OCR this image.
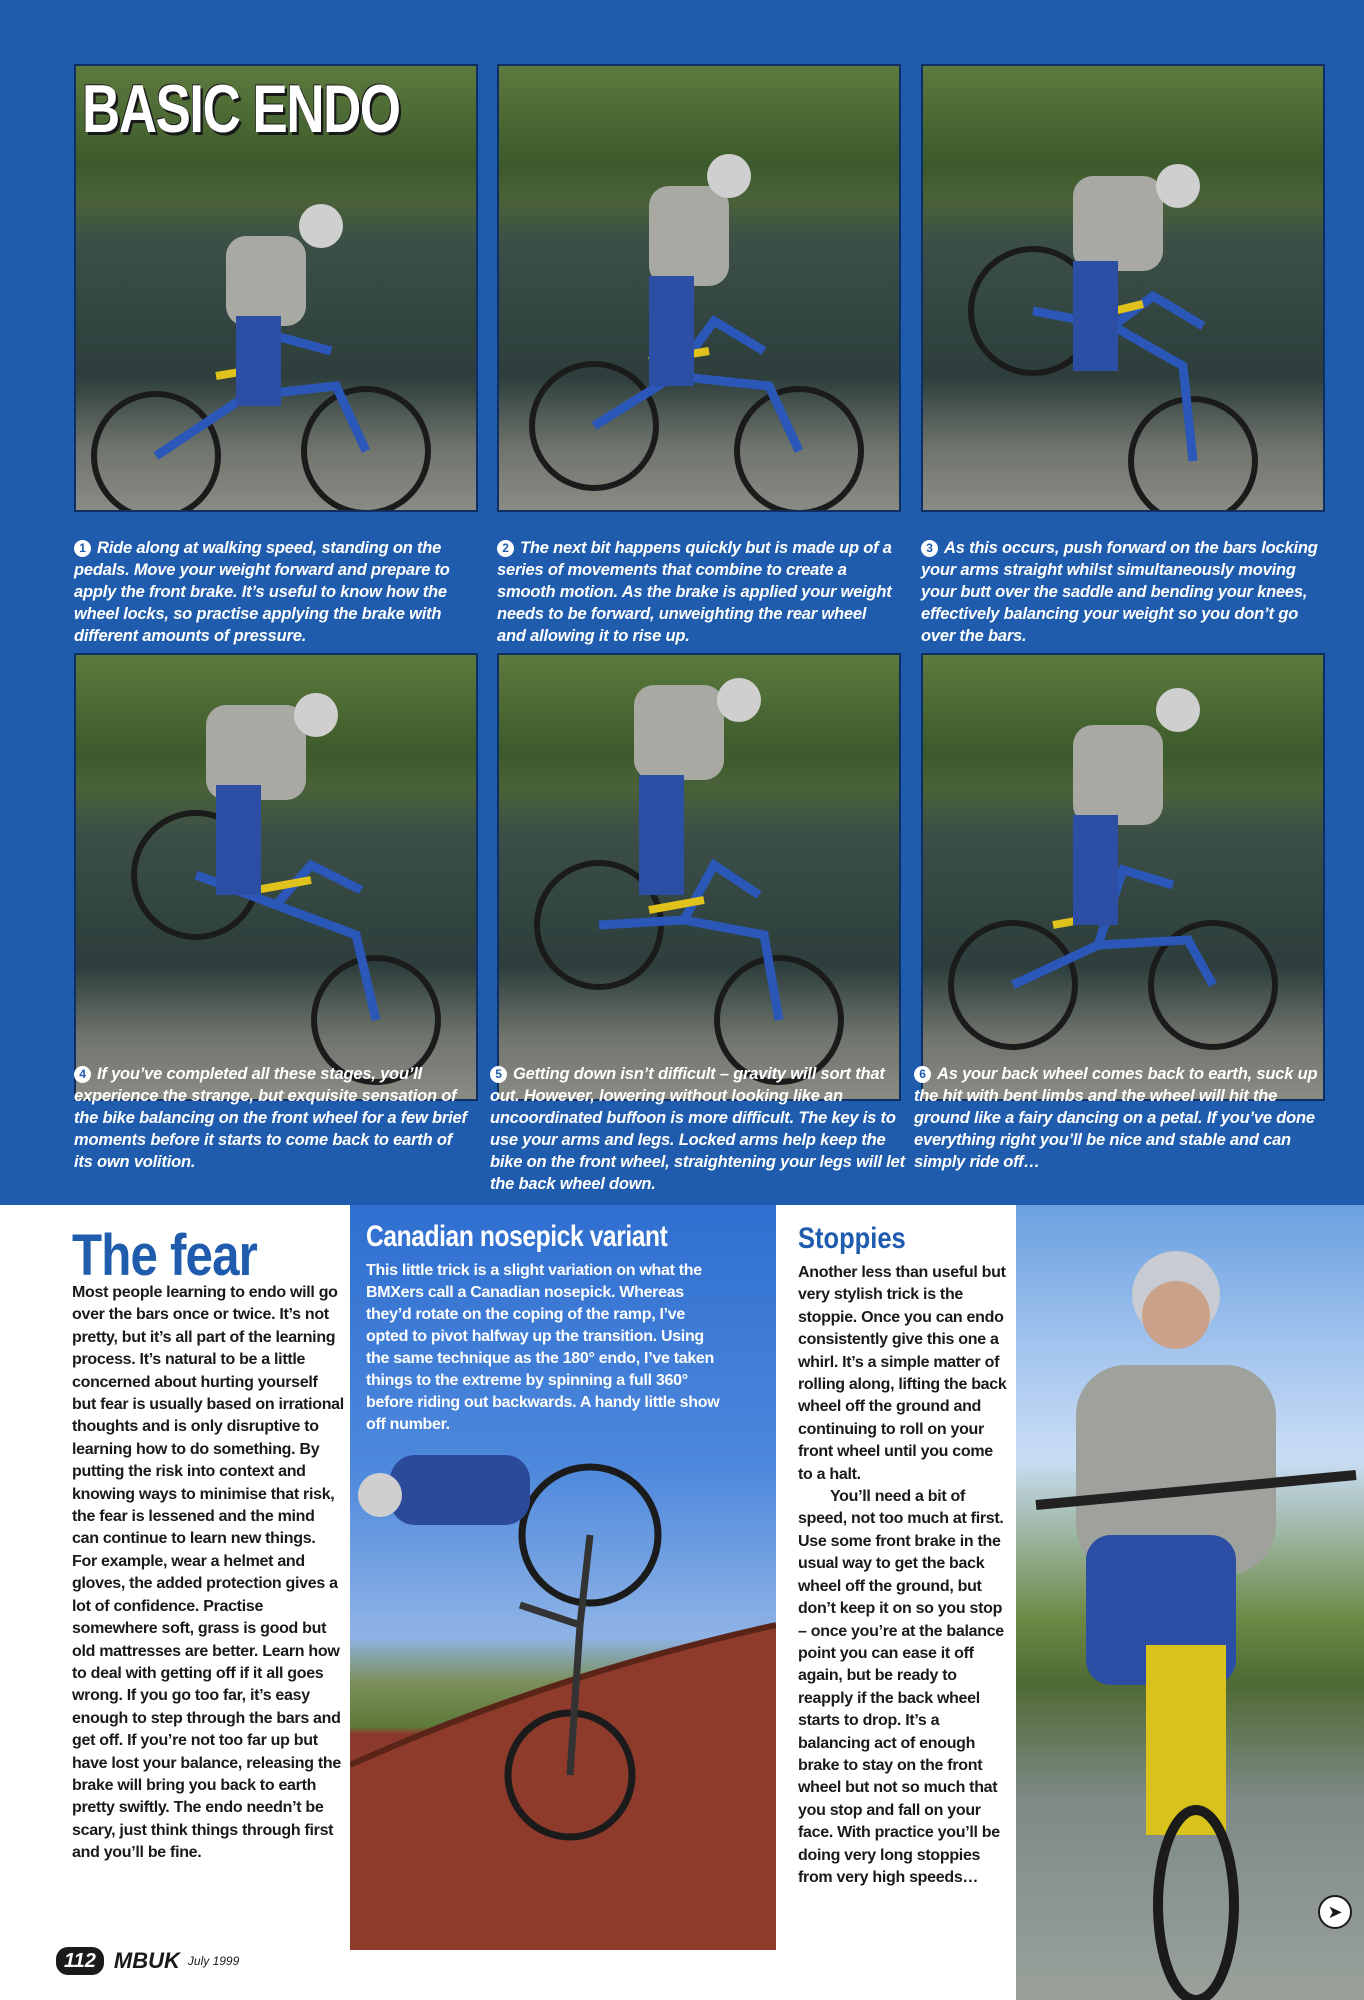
BASIC ENDO
1 Ride along at walking speed, standing on the pedals. Move your weight forward and prepare to apply the front brake. It’s useful to know how the wheel locks, so practise applying the brake with different amounts of pressure.
2 The next bit happens quickly but is made up of a series of movements that combine to create a smooth motion. As the brake is applied your weight needs to be forward, unweighting the rear wheel and allowing it to rise up.
3 As this occurs, push forward on the bars locking your arms straight whilst simultaneously moving your butt over the saddle and bending your knees, effectively balancing your weight so you don’t go over the bars.
4 If you’ve completed all these stages, you’ll experience the strange, but exquisite sensation of the bike balancing on the front wheel for a few brief moments before it starts to come back to earth of its own volition.
5 Getting down isn’t difficult – gravity will sort that out. However, lowering without looking like an uncoordinated buffoon is more difficult. The key is to use your arms and legs. Locked arms help keep the bike on the front wheel, straightening your legs will let the back wheel down.
6 As your back wheel comes back to earth, suck up the hit with bent limbs and the wheel will hit the ground like a fairy dancing on a petal. If you’ve done everything right you’ll be nice and stable and can simply ride off…
The fear
Most people learning to endo will go over the bars once or twice. It’s not pretty, but it’s all part of the learning process. It’s natural to be a little concerned about hurting yourself but fear is usually based on irrational thoughts and is only disruptive to learning how to do something. By putting the risk into context and knowing ways to minimise that risk, the fear is lessened and the mind can continue to learn new things. For example, wear a helmet and gloves, the added protection gives a lot of confidence. Practise somewhere soft, grass is good but old mattresses are better. Learn how to deal with getting off if it all goes wrong. If you go too far, it’s easy enough to step through the bars and get off. If you’re not too far up but have lost your balance, releasing the brake will bring you back to earth pretty swiftly. The endo needn’t be scary, just think things through first and you’ll be fine.
Canadian nosepick variant
This little trick is a slight variation on what the BMXers call a Canadian nosepick. Whereas they’d rotate on the coping of the ramp, I’ve opted to pivot halfway up the transition. Using the same technique as the 180° endo, I’ve taken things to the extreme by spinning a full 360° before riding out backwards. A handy little show off number.
Stoppies
Another less than useful but very stylish trick is the stoppie. Once you can endo consistently give this one a whirl. It’s a simple matter of rolling along, lifting the back wheel off the ground and continuing to roll on your front wheel until you come to a halt.
You’ll need a bit of speed, not too much at first. Use some front brake in the usual way to get the back wheel off the ground, but don’t keep it on so you stop – once you’re at the balance point you can ease it off again, but be ready to reapply if the back wheel starts to drop. It’s a balancing act of enough brake to stay on the front wheel but not so much that you stop and fall on your face. With practice you’ll be doing very long stoppies from very high speeds…
112 MBUK July 1999
➤
